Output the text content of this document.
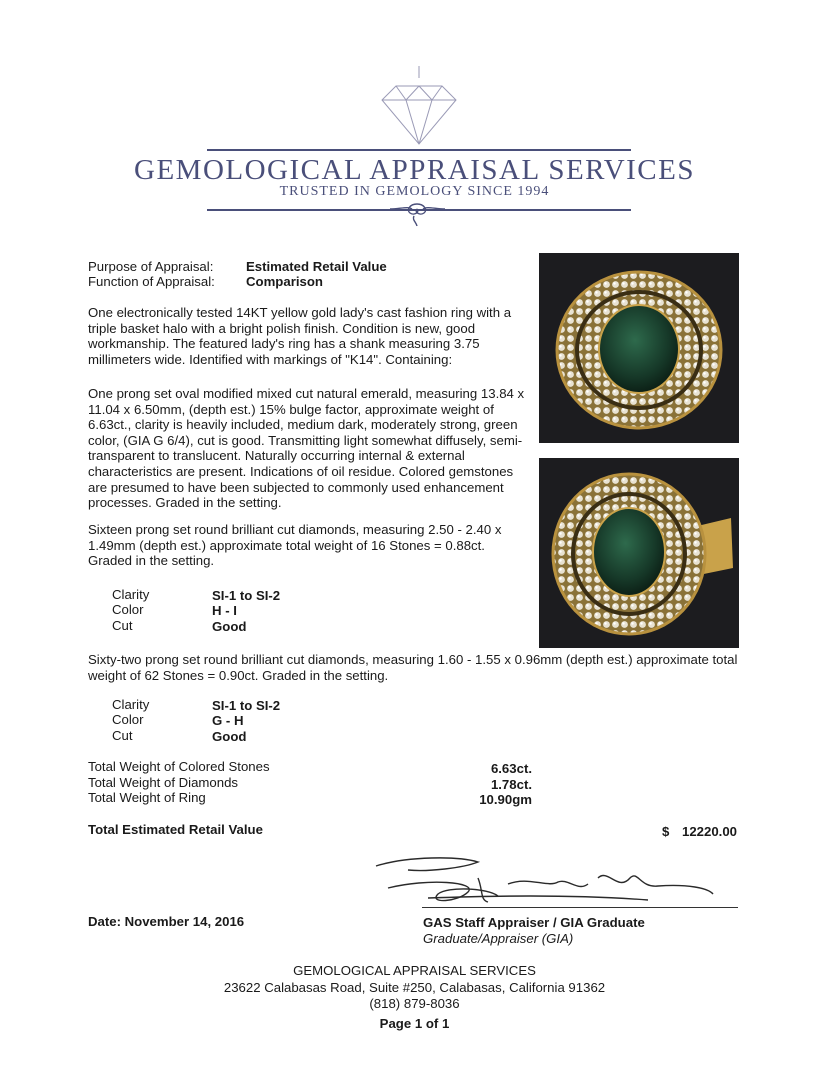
GEMOLOGICAL APPRAISAL SERVICES
TRUSTED IN GEMOLOGY SINCE 1994
Purpose of Appraisal: Estimated Retail Value
Function of Appraisal: Comparison
One electronically tested 14KT yellow gold lady's cast fashion ring with a triple basket halo with a bright polish finish. Condition is new, good workmanship. The featured lady's ring has a shank measuring 3.75 millimeters wide. Identified with markings of "K14". Containing:
One prong set oval modified mixed cut natural emerald, measuring 13.84 x 11.04 x 6.50mm, (depth est.) 15% bulge factor, approximate weight of 6.63ct., clarity is heavily included, medium dark, moderately strong, green color, (GIA G 6/4), cut is good. Transmitting light somewhat diffusely, semi-transparent to translucent. Naturally occurring internal & external characteristics are present. Indications of oil residue. Colored gemstones are presumed to have been subjected to commonly used enhancement processes. Graded in the setting.
Sixteen prong set round brilliant cut diamonds, measuring 2.50 - 2.40 x 1.49mm (depth est.) approximate total weight of 16 Stones = 0.88ct. Graded in the setting.
Clarity	SI-1 to SI-2
Color	H - I
Cut	Good
Sixty-two prong set round brilliant cut diamonds, measuring 1.60 - 1.55 x 0.96mm (depth est.) approximate total weight of 62 Stones = 0.90ct. Graded in the setting.
Clarity	SI-1 to SI-2
Color	G - H
Cut	Good
Total Weight of Colored Stones	6.63ct.
Total Weight of Diamonds	1.78ct.
Total Weight of Ring	10.90gm
Total Estimated Retail Value	$ 12220.00
Date: November 14, 2016	GAS Staff Appraiser / GIA Graduate
Graduate/Appraiser (GIA)
GEMOLOGICAL APPRAISAL SERVICES
23622 Calabasas Road, Suite #250, Calabasas, California 91362
(818) 879-8036
Page 1 of 1
